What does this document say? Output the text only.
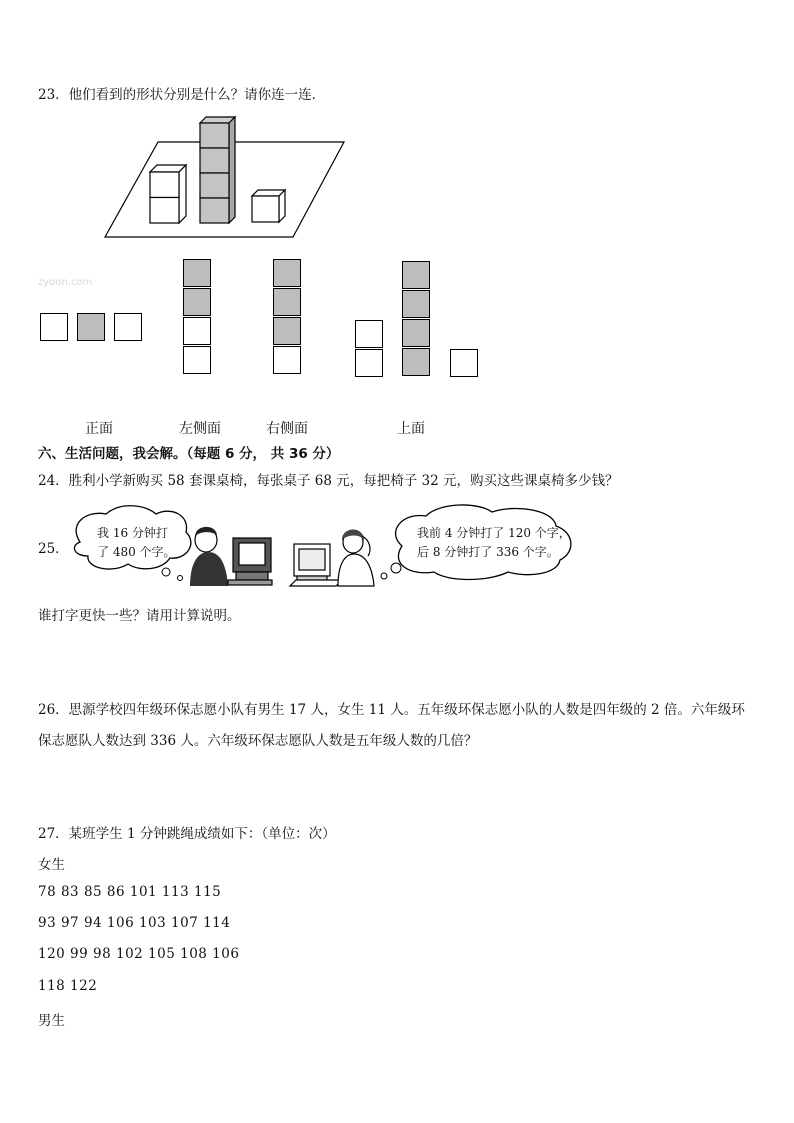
23．他们看到的形状分别是什么？请你连一连．
zyoon.com
正面	左侧面	右侧面	上面
六、生活问题，我会解。（每题 6 分， 共 36 分）
24．胜利小学新购买 58 套课桌椅，每张桌子 68 元，每把椅子 32 元，购买这些课桌椅多少钱？
25．
我 16 分钟打
了 480 个字。
我前 4 分钟打了 120 个字，
后 8 分钟打了 336 个字。
谁打字更快一些？请用计算说明。
26．思源学校四年级环保志愿小队有男生 17 人，女生 11 人。五年级环保志愿小队的人数是四年级的 2 倍。六年级环
保志愿队人数达到 336 人。六年级环保志愿队人数是五年级人数的几倍？
27．某班学生 1 分钟跳绳成绩如下：（单位：次）
女生
78 83 85 86 101 113 115
93 97 94 106 103 107 114
120 99 98 102 105 108 106
118 122
男生
